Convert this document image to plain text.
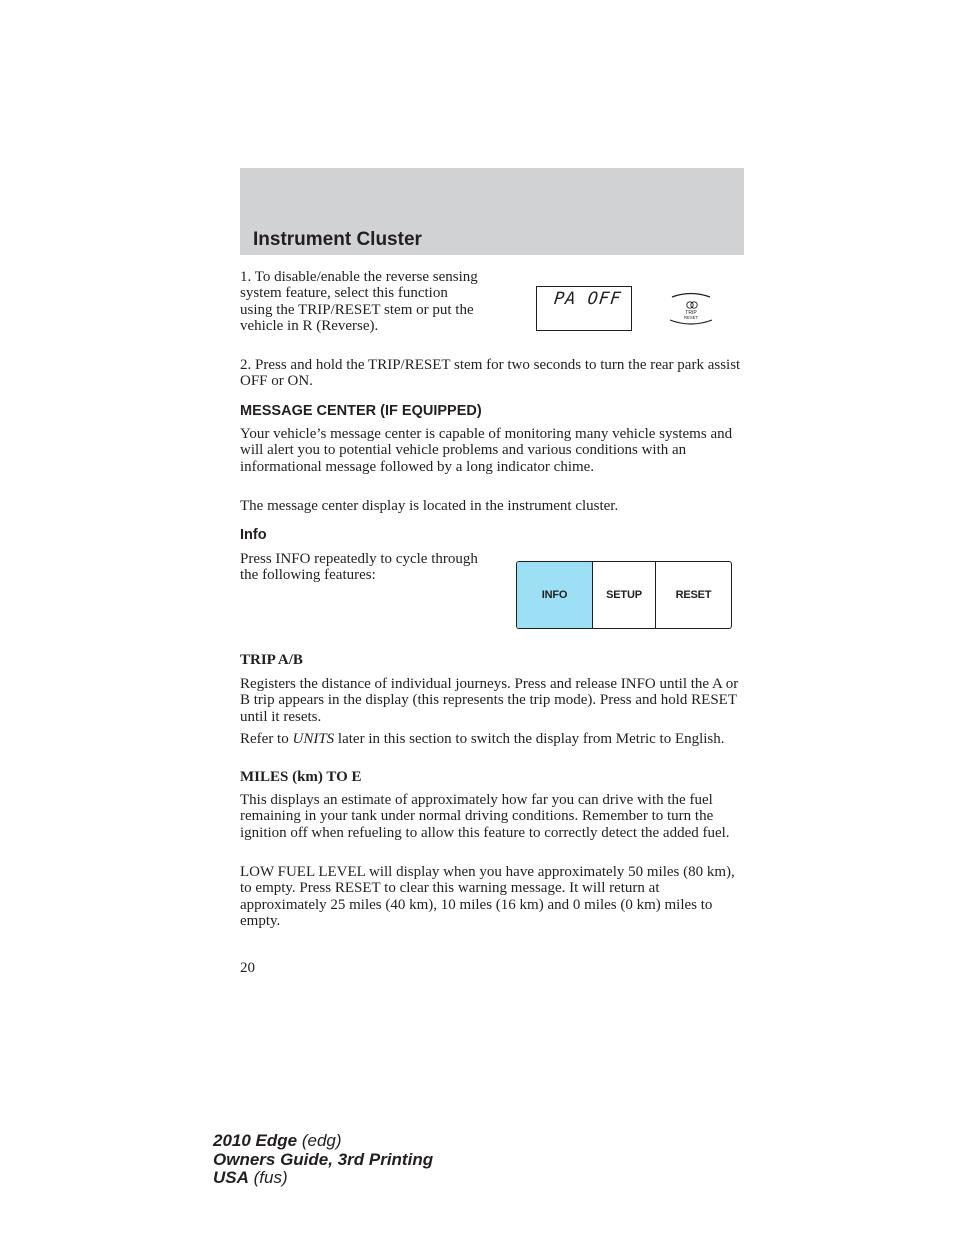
Instrument Cluster

1. To disable/enable the reverse sensing system feature, select this function using the TRIP/RESET stem or put the vehicle in R (Reverse).

PA OFF
TRIP
RESET

2. Press and hold the TRIP/RESET stem for two seconds to turn the rear park assist OFF or ON.

MESSAGE CENTER (IF EQUIPPED)

Your vehicle’s message center is capable of monitoring many vehicle systems and will alert you to potential vehicle problems and various conditions with an informational message followed by a long indicator chime.

The message center display is located in the instrument cluster.

Info

Press INFO repeatedly to cycle through the following features:

INFO	SETUP	RESET
TRIP A/B

Registers the distance of individual journeys. Press and release INFO until the A or B trip appears in the display (this represents the trip mode). Press and hold RESET until it resets.

Refer to UNITS later in this section to switch the display from Metric to English.

MILES (km) TO E

This displays an estimate of approximately how far you can drive with the fuel remaining in your tank under normal driving conditions. Remember to turn the ignition off when refueling to allow this feature to correctly detect the added fuel.

LOW FUEL LEVEL will display when you have approximately 50 miles (80 km), to empty. Press RESET to clear this warning message. It will return at approximately 25 miles (40 km), 10 miles (16 km) and 0 miles (0 km) miles to empty.

20
2010 Edge (edg)
Owners Guide, 3rd Printing
USA (fus)
